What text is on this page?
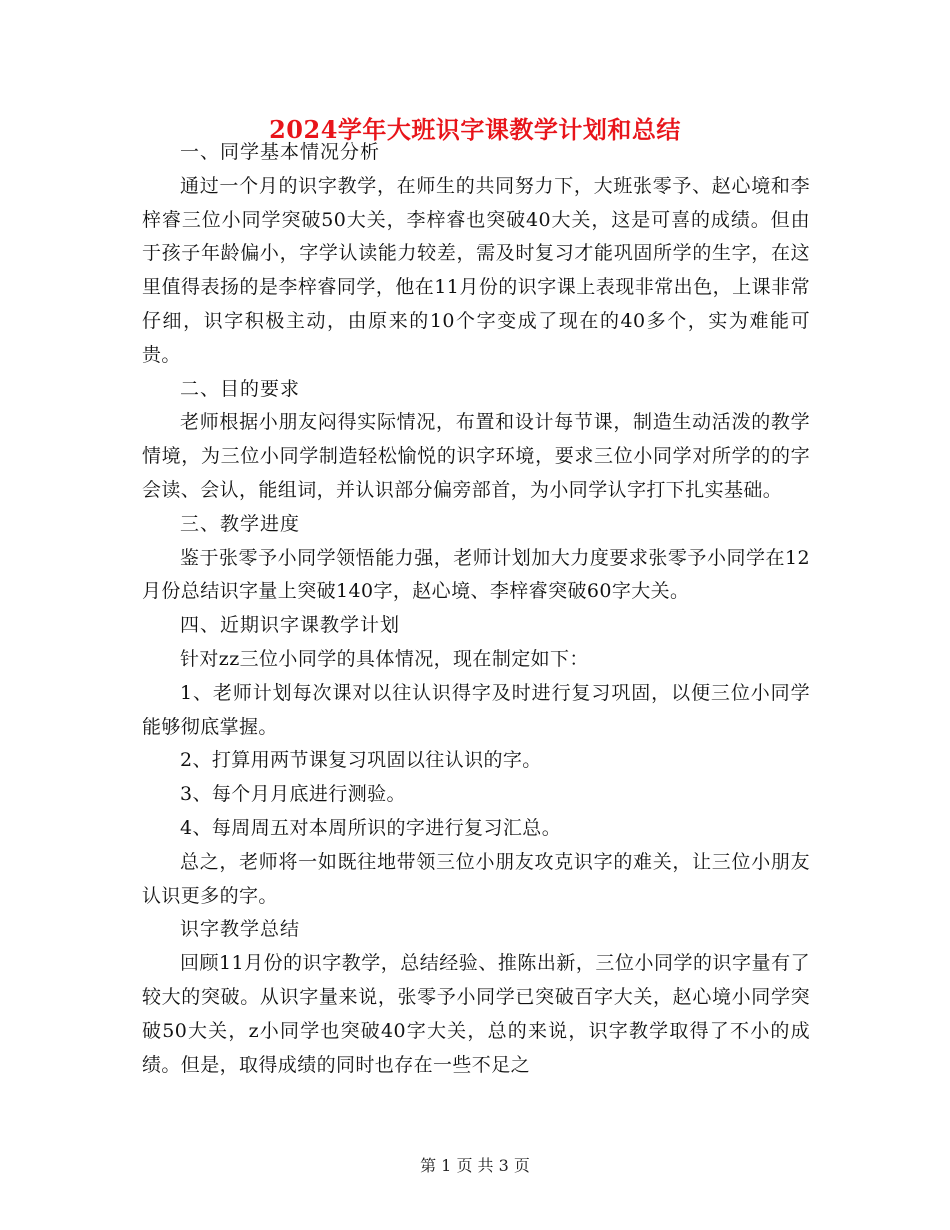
2024学年大班识字课教学计划和总结

一、同学基本情况分析

通过一个月的识字教学，在师生的共同努力下，大班张零予、赵心境和李梓睿三位小同学突破50大关，李梓睿也突破40大关，这是可喜的成绩。但由于孩子年龄偏小，字学认读能力较差，需及时复习才能巩固所学的生字，在这里值得表扬的是李梓睿同学，他在11月份的识字课上表现非常出色，上课非常仔细，识字积极主动，由原来的10个字变成了现在的40多个，实为难能可贵。

二、目的要求

老师根据小朋友闷得实际情况，布置和设计每节课，制造生动活泼的教学情境，为三位小同学制造轻松愉悦的识字环境，要求三位小同学对所学的的字会读、会认，能组词，并认识部分偏旁部首，为小同学认字打下扎实基础。

三、教学进度

鉴于张零予小同学领悟能力强，老师计划加大力度要求张零予小同学在12月份总结识字量上突破140字，赵心境、李梓睿突破60字大关。

四、近期识字课教学计划

针对zz三位小同学的具体情况，现在制定如下：

1、老师计划每次课对以往认识得字及时进行复习巩固，以便三位小同学能够彻底掌握。

2、打算用两节课复习巩固以往认识的字。

3、每个月月底进行测验。

4、每周周五对本周所识的字进行复习汇总。

总之，老师将一如既往地带领三位小朋友攻克识字的难关，让三位小朋友认识更多的字。

识字教学总结

回顾11月份的识字教学，总结经验、推陈出新，三位小同学的识字量有了较大的突破。从识字量来说，张零予小同学已突破百字大关，赵心境小同学突破50大关，z小同学也突破40字大关，总的来说，识字教学取得了不小的成绩。但是，取得成绩的同时也存在一些不足之

第 1 页 共 3 页
